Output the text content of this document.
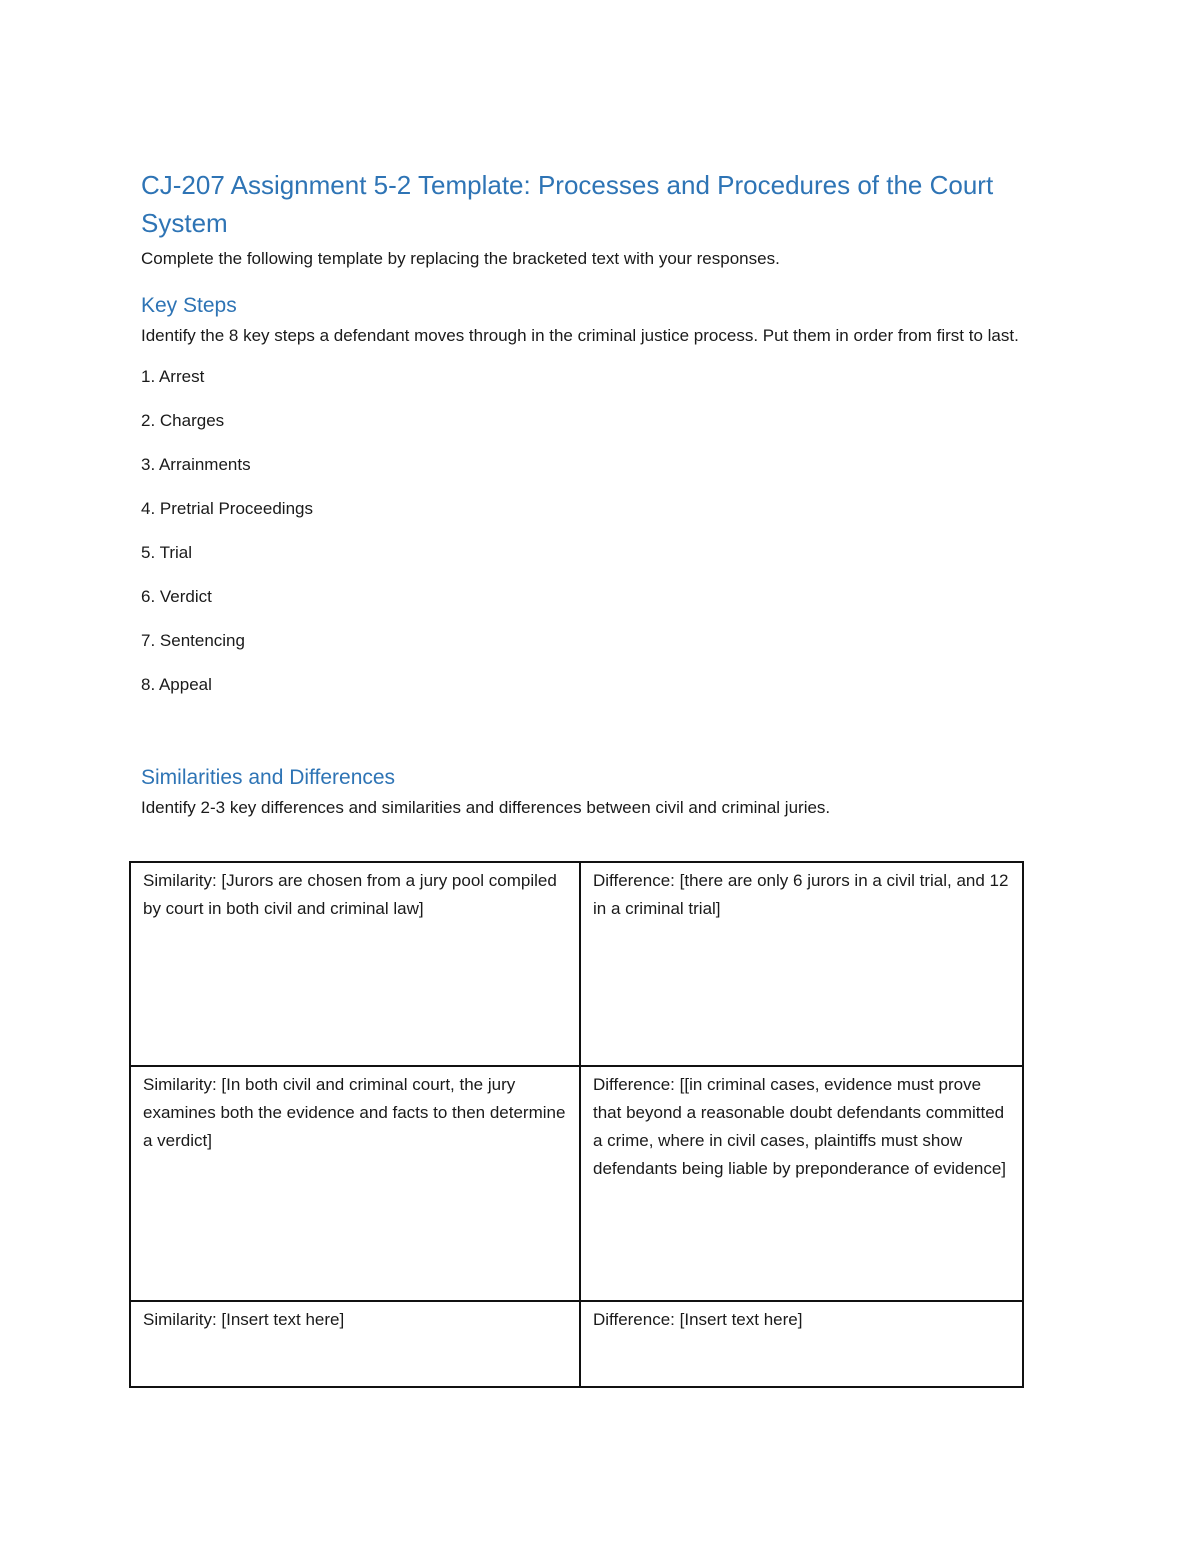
CJ-207 Assignment 5-2 Template: Processes and Procedures of the Court System

Complete the following template by replacing the bracketed text with your responses.

Key Steps

Identify the 8 key steps a defendant moves through in the criminal justice process. Put them in order from first to last.

1. Arrest
2. Charges
3. Arrainments
4. Pretrial Proceedings
5. Trial
6. Verdict
7. Sentencing
8. Appeal
Similarities and Differences

Identify 2-3 key differences and similarities and differences between civil and criminal juries.

Similarity: [Jurors are chosen from a jury pool compiled by court in both civil and criminal law]	Difference: [there are only 6 jurors in a civil trial, and 12 in a criminal trial]
Similarity: [In both civil and criminal court, the jury examines both the evidence and facts to then determine a verdict]	Difference: [[in criminal cases, evidence must prove that beyond a reasonable doubt defendants committed a crime, where in civil cases, plaintiffs must show defendants being liable by preponderance of evidence]
Similarity: [Insert text here]	Difference: [Insert text here]
